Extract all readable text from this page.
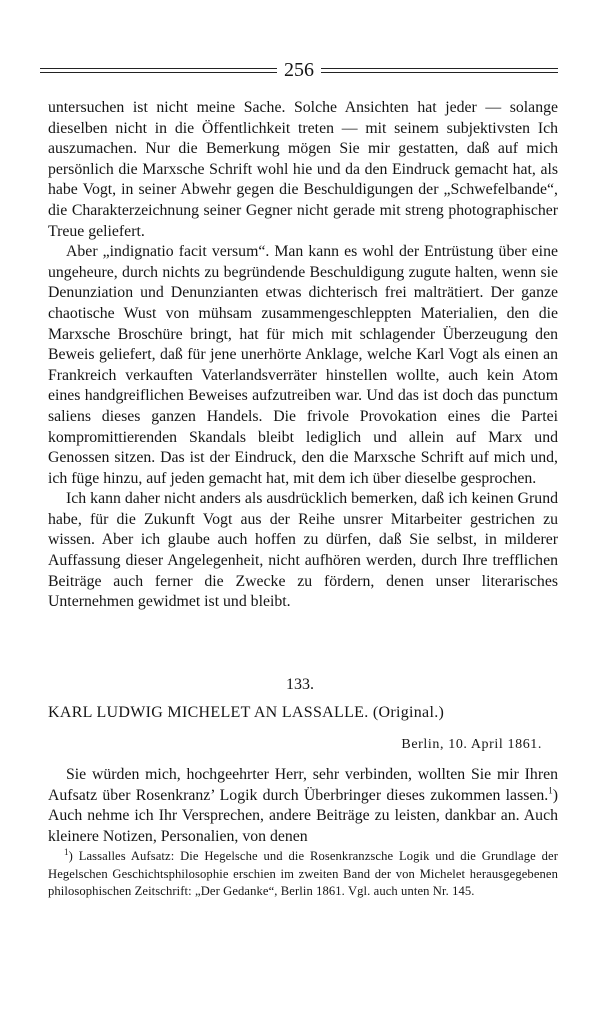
256

untersuchen ist nicht meine Sache. Solche Ansichten hat jeder — solange dieselben nicht in die Öffentlichkeit treten — mit seinem subjektivsten Ich auszumachen. Nur die Bemerkung mögen Sie mir gestatten, daß auf mich persönlich die Marxsche Schrift wohl hie und da den Eindruck gemacht hat, als habe Vogt, in seiner Abwehr gegen die Beschuldigungen der „Schwefelbande“, die Charakterzeichnung seiner Gegner nicht gerade mit streng photographischer Treue geliefert.

Aber „indignatio facit versum“. Man kann es wohl der Entrüstung über eine ungeheure, durch nichts zu begründende Beschuldigung zugute halten, wenn sie Denunziation und Denunzianten etwas dichterisch frei malträtiert. Der ganze chaotische Wust von mühsam zusammengeschleppten Materialien, den die Marxsche Broschüre bringt, hat für mich mit schlagender Überzeugung den Beweis geliefert, daß für jene unerhörte Anklage, welche Karl Vogt als einen an Frankreich verkauften Vaterlandsverräter hinstellen wollte, auch kein Atom eines handgreiflichen Beweises aufzutreiben war. Und das ist doch das punctum saliens dieses ganzen Handels. Die frivole Provokation eines die Partei kompromittierenden Skandals bleibt lediglich und allein auf Marx und Genossen sitzen. Das ist der Eindruck, den die Marxsche Schrift auf mich und, ich füge hinzu, auf jeden gemacht hat, mit dem ich über dieselbe gesprochen.

Ich kann daher nicht anders als ausdrücklich bemerken, daß ich keinen Grund habe, für die Zukunft Vogt aus der Reihe unsrer Mitarbeiter gestrichen zu wissen. Aber ich glaube auch hoffen zu dürfen, daß Sie selbst, in milderer Auffassung dieser Angelegenheit, nicht aufhören werden, durch Ihre trefflichen Beiträge auch ferner die Zwecke zu fördern, denen unser literarisches Unternehmen gewidmet ist und bleibt.

133.
KARL LUDWIG MICHELET AN LASSALLE. (Original.)
Berlin, 10. April 1861.

Sie würden mich, hochgeehrter Herr, sehr verbinden, wollten Sie mir Ihren Aufsatz über Rosenkranz’ Logik durch Überbringer dieses zukommen lassen.$^1$) Auch nehme ich Ihr Versprechen, andere Beiträge zu leisten, dankbar an. Auch kleinere Notizen, Personalien, von denen

$^1$) Lassalles Aufsatz: Die Hegelsche und die Rosenkranzsche Logik und die Grundlage der Hegelschen Geschichtsphilosophie erschien im zweiten Band der von Michelet herausgegebenen philosophischen Zeitschrift: „Der Gedanke“, Berlin 1861. Vgl. auch unten Nr. 145.
